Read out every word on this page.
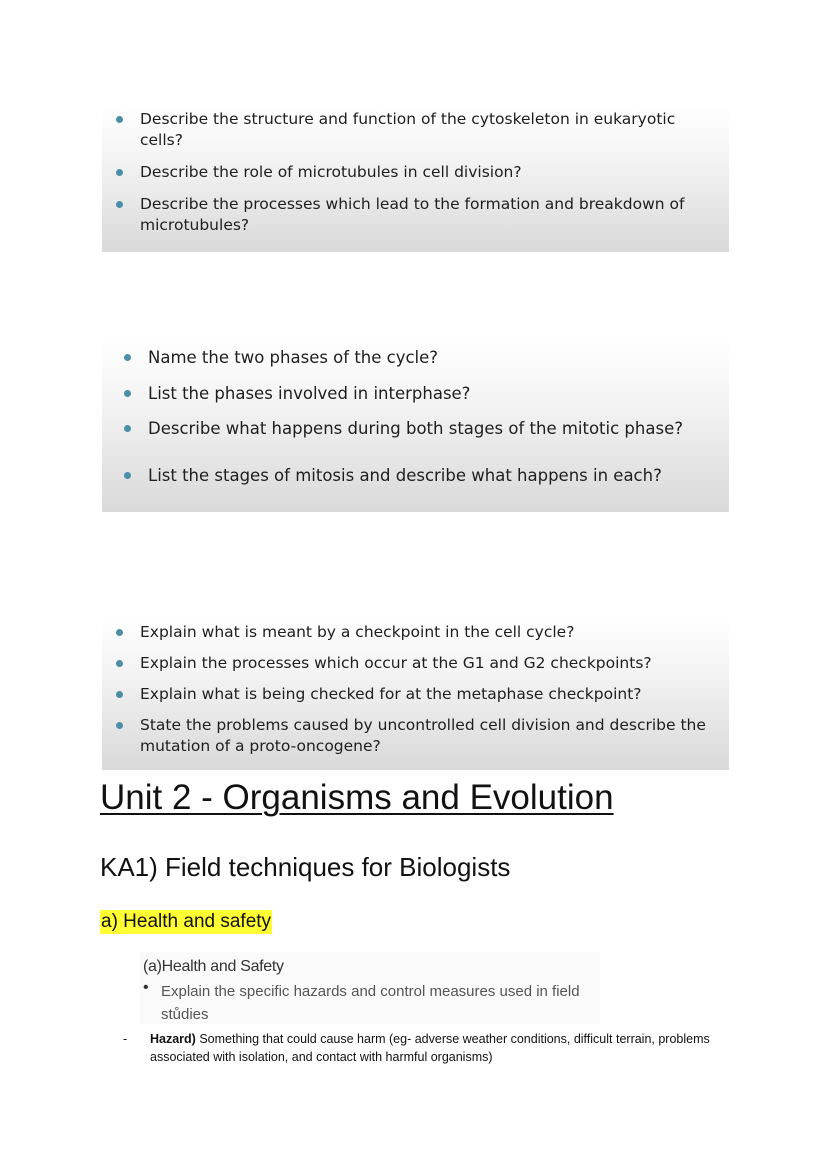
Describe the structure and function of the cytoskeleton in eukaryotic
cells?
Describe the role of microtubules in cell division?
Describe the processes which lead to the formation and breakdown of
microtubules?
Name the two phases of the cycle?
List the phases involved in interphase?
Describe what happens during both stages of the mitotic phase?
List the stages of mitosis and describe what happens in each?
Explain what is meant by a checkpoint in the cell cycle?
Explain the processes which occur at the G1 and G2 checkpoints?
Explain what is being checked for at the metaphase checkpoint?
State the problems caused by uncontrolled cell division and describe the
mutation of a proto-oncogene?
Unit 2 - Organisms and Evolution
KA1) Field techniques for Biologists
a) Health and safety
(a)Health and Safety
• Explain the specific hazards and control measures used in field
stůdies
- Hazard) Something that could cause harm (eg- adverse weather conditions, difficult terrain, problems associated with isolation, and contact with harmful organisms)
